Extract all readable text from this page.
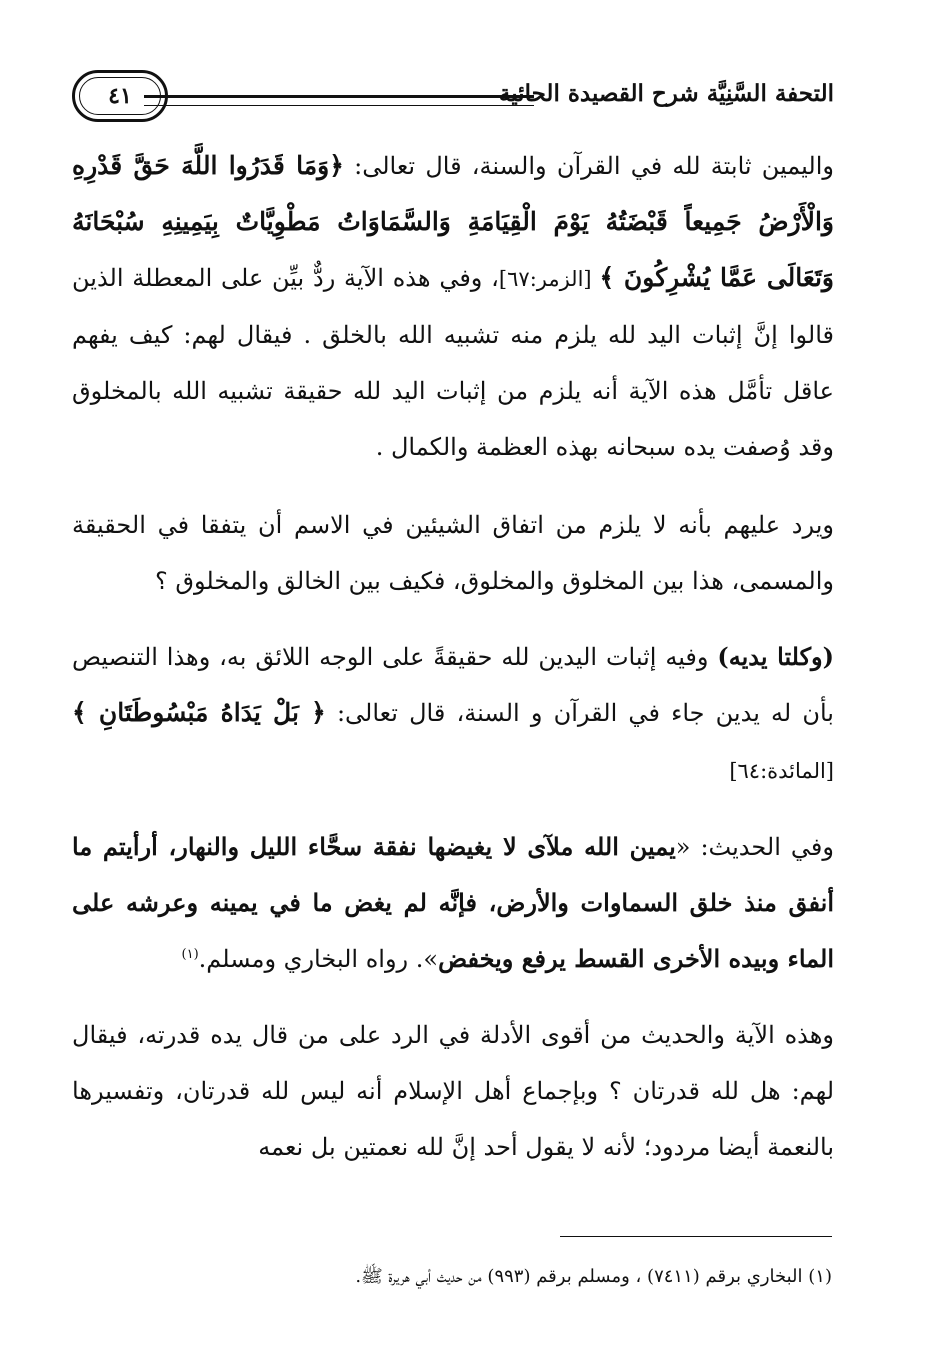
التحفة السَّنِيَّة شرح القصيدة الحائية
٤١

واليمين ثابتة لله في القرآن والسنة، قال تعالى: ﴿وَمَا قَدَرُوا اللَّهَ حَقَّ قَدْرِهِ وَالْأَرْضُ جَمِيعاً قَبْضَتُهُ يَوْمَ الْقِيَامَةِ وَالسَّمَاوَاتُ مَطْوِيَّاتٌ بِيَمِينِهِ سُبْحَانَهُ وَتَعَالَى عَمَّا يُشْرِكُونَ ﴾ [الزمر:٦٧]، وفي هذه الآية ردٌّ بيِّن على المعطلة الذين قالوا إنَّ إثبات اليد لله يلزم منه تشبيه الله بالخلق . فيقال لهم: كيف يفهم عاقل تأمَّل هذه الآية أنه يلزم من إثبات اليد لله حقيقة تشبيه الله بالمخلوق وقد وُصفت يده سبحانه بهذه العظمة والكمال .

ويرد عليهم بأنه لا يلزم من اتفاق الشيئين في الاسم أن يتفقا في الحقيقة والمسمى، هذا بين المخلوق والمخلوق، فكيف بين الخالق والمخلوق ؟

(وكلتا يديه) وفيه إثبات اليدين لله حقيقةً على الوجه اللائق به، وهذا التنصيص بأن له يدين جاء في القرآن و السنة، قال تعالى: ﴿ بَلْ يَدَاهُ مَبْسُوطَتَانِ ﴾ [المائدة:٦٤]

وفي الحديث: «يمين الله ملآى لا يغيضها نفقة سحَّاء الليل والنهار، أرأيتم ما أنفق منذ خلق السماوات والأرض، فإنَّه لم يغض ما في يمينه وعرشه على الماء وبيده الأخرى القسط يرفع ويخفض». رواه البخاري ومسلم.$^{(١)}$

وهذه الآية والحديث من أقوى الأدلة في الرد على من قال يده قدرته، فيقال لهم: هل لله قدرتان ؟ وبإجماع أهل الإسلام أنه ليس لله قدرتان، وتفسيرها بالنعمة أيضا مردود؛ لأنه لا يقول أحد إنَّ لله نعمتين بل نعمه

(١) البخاري برقم (٧٤١١) ، ومسلم برقم (٩٩٣) من حديث أبي هريرة ﷺ.
